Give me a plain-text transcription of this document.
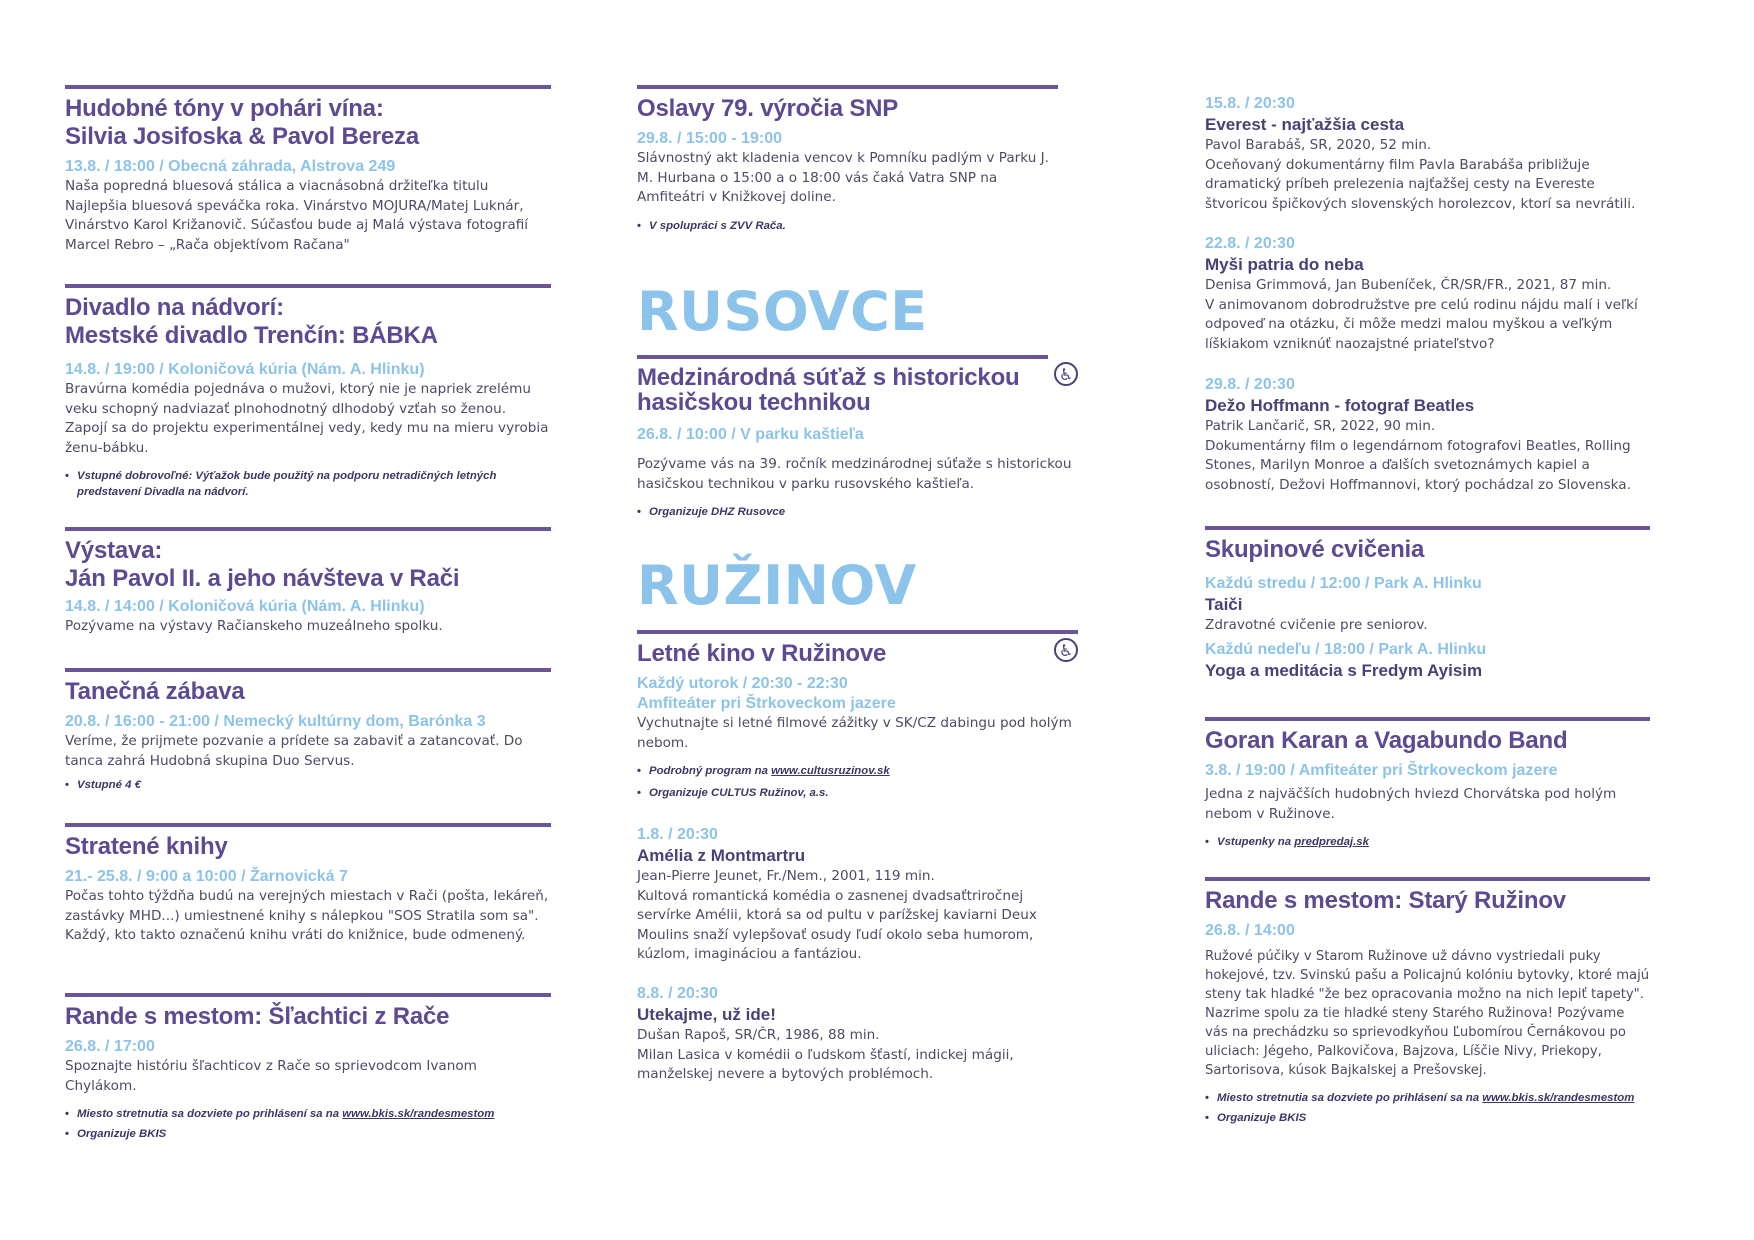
Hudobné tóny v pohári vína:
Silvia Josifoska & Pavol Bereza
13.8. / 18:00 / Obecná záhrada, Alstrova 249

Naša popredná bluesová stálica a viacnásobná držiteľka titulu Najlepšia bluesová speváčka roka. Vinárstvo MOJURA/Matej Luknár, Vinárstvo Karol Križanovič. Súčasťou bude aj Malá výstava fotografií Marcel Rebro – „Rača objektívom Račana"

Divadlo na nádvorí:
Mestské divadlo Trenčín: BÁBKA
14.8. / 19:00 / Koloničová kúria (Nám. A. Hlinku)

Bravúrna komédia pojednáva o mužovi, ktorý nie je napriek zrelému veku schopný nadviazať plnohodnotný dlhodobý vzťah so ženou. Zapojí sa do projektu experimentálnej vedy, kedy mu na mieru vyrobia ženu-bábku.

• Vstupné dobrovoľné: Výťažok bude použitý na podporu netradičných letných predstavení Divadla na nádvorí.

Výstava:
Ján Pavol II. a jeho návšteva v Rači
14.8. / 14:00 / Koloničová kúria (Nám. A. Hlinku)

Pozývame na výstavy Račianskeho muzeálneho spolku.

Tanečná zábava
20.8. / 16:00 - 21:00 / Nemecký kultúrny dom, Barónka 3

Veríme, že prijmete pozvanie a prídete sa zabaviť a zatancovať. Do tanca zahrá Hudobná skupina Duo Servus.

• Vstupné 4 €

Stratené knihy
21.- 25.8. / 9:00 a 10:00 / Žarnovická 7

Počas tohto týždňa budú na verejných miestach v Rači (pošta, lekáreň, zastávky MHD...) umiestnené knihy s nálepkou "SOS Stratila som sa". Každý, kto takto označenú knihu vráti do knižnice, bude odmenený.

Rande s mestom: Šľachtici z Rače
26.8. / 17:00

Spoznajte históriu šľachticov z Rače so sprievodcom Ivanom Chylákom.

• Miesto stretnutia sa dozviete po prihlásení sa na www.bkis.sk/randesmestom

• Organizuje BKIS

Oslavy 79. výročia SNP
29.8. / 15:00 - 19:00

Slávnostný akt kladenia vencov k Pomníku padlým v Parku J. M. Hurbana o 15:00 a o 18:00 vás čaká Vatra SNP na Amfiteátri v Knižkovej doline.

• V spolupráci s ZVV Rača.

RUSOVCE
♿
Medzinárodná súťaž s historickou
hasičskou technikou
26.8. / 10:00 / V parku kaštieľa

Pozývame vás na 39. ročník medzinárodnej súťaže s historickou hasičskou technikou v parku rusovského kaštieľa.

• Organizuje DHZ Rusovce

RUŽINOV
♿
Letné kino v Ružinove
Každý utorok / 20:30 - 22:30
Amfiteáter pri Štrkoveckom jazere

Vychutnajte si letné filmové zážitky v SK/CZ dabingu pod holým nebom.

• Podrobný program na www.cultusruzinov.sk

• Organizuje CULTUS Ružinov, a.s.

1.8. / 20:30
Amélia z Montmartru

Jean-Pierre Jeunet, Fr./Nem., 2001, 119 min.

Kultová romantická komédia o zasnenej dvadsaťtriročnej servírke Amélii, ktorá sa od pultu v parížskej kaviarni Deux Moulins snaží vylepšovať osudy ľudí okolo seba humorom, kúzlom, imagináciou a fantáziou.

8.8. / 20:30
Utekajme, už ide!

Dušan Rapoš, SR/ČR, 1986, 88 min.

Milan Lasica v komédii o ľudskom šťastí, indickej mágii, manželskej nevere a bytových problémoch.

15.8. / 20:30
Everest - najťažšia cesta

Pavol Barabáš, SR, 2020, 52 min.

Oceňovaný dokumentárny film Pavla Barabáša približuje dramatický príbeh prelezenia najťažšej cesty na Evereste štvoricou špičkových slovenských horolezcov, ktorí sa nevrátili.

22.8. / 20:30
Myši patria do neba

Denisa Grimmová, Jan Bubeníček, ČR/SR/FR., 2021, 87 min.

V animovanom dobrodružstve pre celú rodinu nájdu malí i veľkí odpoveď na otázku, či môže medzi malou myškou a veľkým líškiakom vzniknúť naozajstné priateľstvo?

29.8. / 20:30
Dežo Hoffmann - fotograf Beatles

Patrik Lančarič, SR, 2022, 90 min.

Dokumentárny film o legendárnom fotografovi Beatles, Rolling Stones, Marilyn Monroe a ďalších svetoznámych kapiel a osobností, Dežovi Hoffmannovi, ktorý pochádzal zo Slovenska.

Skupinové cvičenia
Každú stredu / 12:00 / Park A. Hlinku
Taiči

Zdravotné cvičenie pre seniorov.

Každú nedeľu / 18:00 / Park A. Hlinku
Yoga a meditácia s Fredym Ayisim
Goran Karan a Vagabundo Band
3.8. / 19:00 / Amfiteáter pri Štrkoveckom jazere

Jedna z najväčších hudobných hviezd Chorvátska pod holým nebom v Ružinove.

• Vstupenky na predpredaj.sk

Rande s mestom: Starý Ružinov
26.8. / 14:00

Ružové púčiky v Starom Ružinove už dávno vystriedali puky hokejové, tzv. Svinskú pašu a Policajnú kolóniu bytovky, ktoré majú steny tak hladké "že bez opracovania možno na nich lepiť tapety". Nazrime spolu za tie hladké steny Starého Ružinova! Pozývame vás na prechádzku so sprievodkyňou Ľubomírou Černákovou po uliciach: Jégeho, Palkovičova, Bajzova, Líščie Nivy, Priekopy, Sartorisova, kúsok Bajkalskej a Prešovskej.

• Miesto stretnutia sa dozviete po prihlásení sa na www.bkis.sk/randesmestom

• Organizuje BKIS
